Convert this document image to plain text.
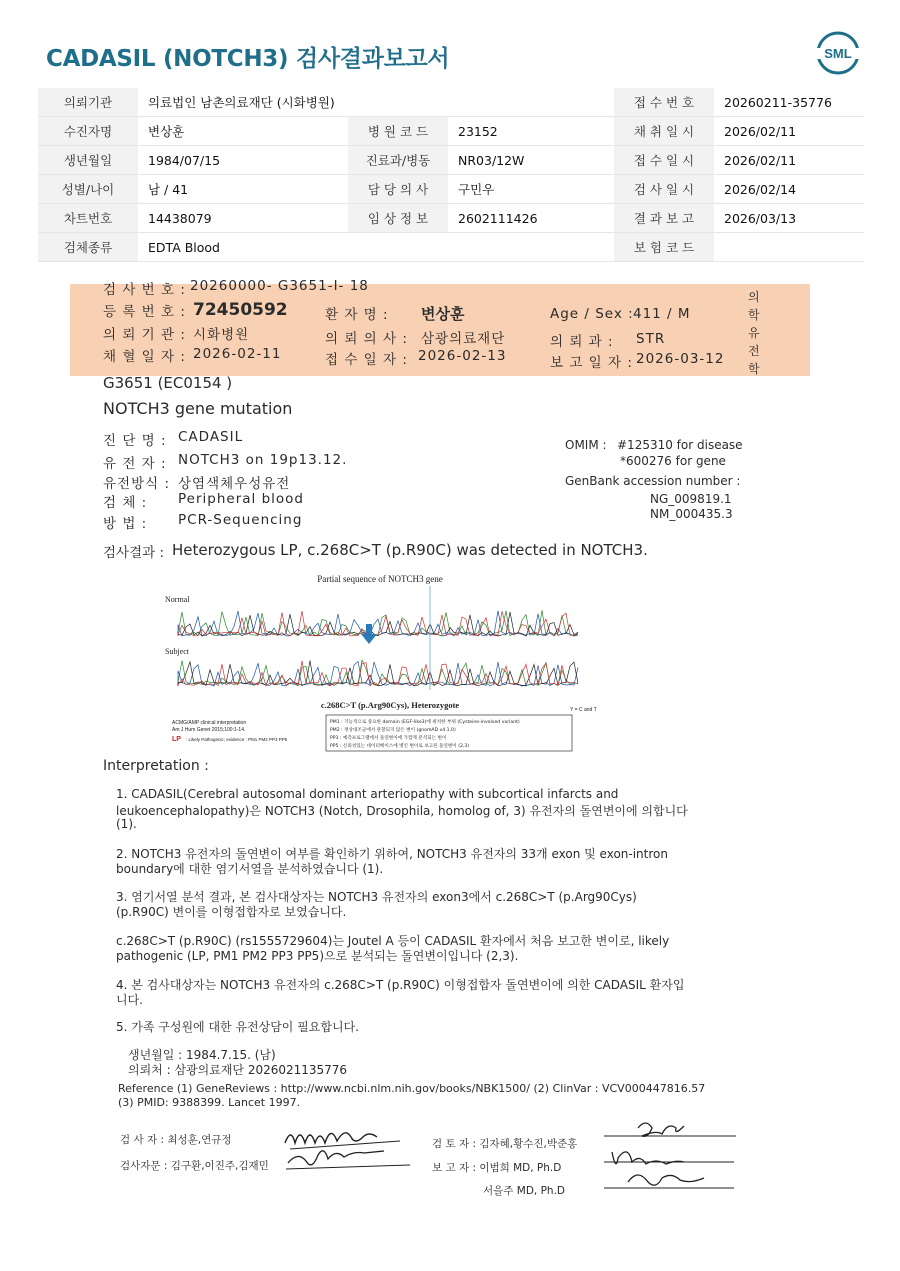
CADASIL (NOTCH3) 검사결과보고서	SML
의뢰기관	의료법인 남촌의료재단 (시화병원)			접 수 번 호	20260211-35776
수진자명	변상훈	병 원 코 드	23152	채 취 일 시	2026/02/11
생년월일	1984/07/15	진료과/병동	NR03/12W	접 수 일 시	2026/02/11
성별/나이	남 / 41	담 당 의 사	구민우	검 사 일 시	2026/02/14
차트번호	14438079	임 상 정 보	2602111426	결 과 보 고	2026/03/13
검체종류	EDTA Blood			보 험 코 드	
검 사 번 호 : 20260000- G3651-I- 18
등 록 번 호 : 72450592	환 자 명 : 변상훈	Age / Sex : 411 / M
의 뢰 기 관 : 시화병원	의 뢰 의 사 : 삼광의료재단	의 뢰 과 : STR
채 혈 일 자 : 2026-02-11	접 수 일 자 : 2026-02-13	보 고 일 자 : 2026-03-12
의
학
유
전
학
G3651 (EC0154 )
NOTCH3 gene mutation
진 단 명 : CADASIL
유 전 자 : NOTCH3 on 19p13.12.
유전방식 : 상염색체우성유전
검 체 : Peripheral blood
방 법 : PCR-Sequencing
OMIM : #125310 for disease
*600276 for gene
GenBank accession number :
NG_009819.1
NM_000435.3
검사결과 : Heterozygous LP, c.268C>T (p.R90C) was detected in NOTCH3.
Partial sequence of NOTCH3 gene
Normal
Subject
c.268C>T (p.Arg90Cys), Heterozygote	Y = C and T
ACMG/AMP clinical interpretation
Am J Hum Genet 2015;100:1-14.
LP : Likely Pathogenic; evidence : PM1 PM2 PP3 PP5
PM1 : 기능적으로 중요한 domain (EGF-like3)에 위치한 부위 (Cysteine-involved variant)
PM2 : 정상대조군에서 관찰되지 않은 변이 (gnomAD v4.1.0)
PP3 : 예측프로그램에서 돌연변이에 가깝게 분석되는 변이
PP5 : 신뢰성있는 데이터베이스에 병인 변이로 보고된 돌연변이 (2,3)
Interpretation :
1. CADASIL(Cerebral autosomal dominant arteriopathy with subcortical infarcts and
leukoencephalopathy)은 NOTCH3 (Notch, Drosophila, homolog of, 3) 유전자의 돌연변이에 의합니다
(1).
2. NOTCH3 유전자의 돌연변이 여부를 확인하기 위하여, NOTCH3 유전자의 33개 exon 및 exon-intron
boundary에 대한 염기서열을 분석하였습니다 (1).
3. 염기서열 분석 결과, 본 검사대상자는 NOTCH3 유전자의 exon3에서 c.268C>T (p.Arg90Cys)
(p.R90C) 변이를 이형접합자로 보였습니다.
c.268C>T (p.R90C) (rs1555729604)는 Joutel A 등이 CADASIL 환자에서 처음 보고한 변이로, likely
pathogenic (LP, PM1 PM2 PP3 PP5)으로 분석되는 돌연변이입니다 (2,3).
4. 본 검사대상자는 NOTCH3 유전자의 c.268C>T (p.R90C) 이형접합자 돌연변이에 의한 CADASIL 환자입
니다.
5. 가족 구성원에 대한 유전상담이 필요합니다.
생년월일 : 1984.7.15. (남)
의뢰처 : 삼광의료재단 2026021135776
Reference (1) GeneReviews : http://www.ncbi.nlm.nih.gov/books/NBK1500/ (2) ClinVar : VCV000447816.57
(3) PMID: 9388399. Lancet 1997.
검 사 자 : 최성훈,연규정
검사자문 : 김구환,이진주,김재민
검 토 자 : 김자혜,황수진,박준홍
보 고 자 : 이범희 MD, Ph.D
서을주 MD, Ph.D
